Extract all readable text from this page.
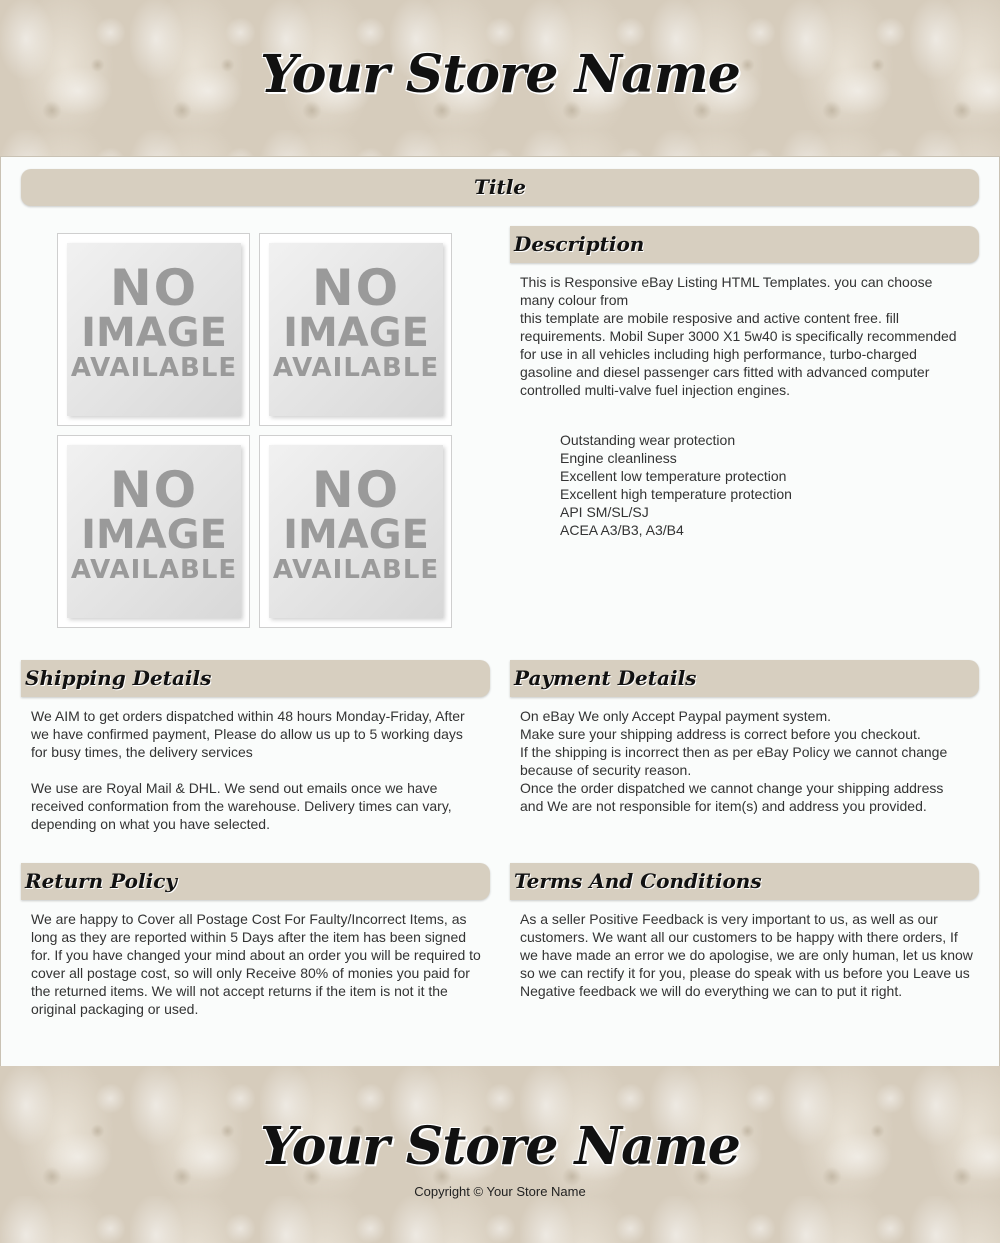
Your Store Name
Title
NO
IMAGE
AVAILABLE
NO
IMAGE
AVAILABLE
NO
IMAGE
AVAILABLE
NO
IMAGE
AVAILABLE
Description

This is Responsive eBay Listing HTML Templates. you can choose many colour from

this template are mobile resposive and active content free. fill requirements. Mobil Super 3000 X1 5w40 is specifically recommended for use in all vehicles including high performance, turbo-charged gasoline and diesel passenger cars fitted with advanced computer controlled multi-valve fuel injection engines.

Outstanding wear protection
Engine cleanliness
Excellent low temperature protection
Excellent high temperature protection
API SM/SL/SJ
ACEA A3/B3, A3/B4
Shipping Details

We AIM to get orders dispatched within 48 hours Monday-Friday, After we have confirmed payment, Please do allow us up to 5 working days for busy times, the delivery services

We use are Royal Mail & DHL. We send out emails once we have received conformation from the warehouse. Delivery times can vary, depending on what you have selected.

Payment Details

On eBay We only Accept Paypal payment system.

Make sure your shipping address is correct before you checkout.

If the shipping is incorrect then as per eBay Policy we cannot change because of security reason.

Once the order dispatched we cannot change your shipping address and We are not responsible for item(s) and address you provided.

Return Policy

We are happy to Cover all Postage Cost For Faulty/Incorrect Items, as long as they are reported within 5 Days after the item has been signed for. If you have changed your mind about an order you will be required to cover all postage cost, so will only Receive 80% of monies you paid for the returned items. We will not accept returns if the item is not it the original packaging or used.

Terms And Conditions

As a seller Positive Feedback is very important to us, as well as our customers. We want all our customers to be happy with there orders, If we have made an error we do apologise, we are only human, let us know so we can rectify it for you, please do speak with us before you Leave us Negative feedback we will do everything we can to put it right.

Your Store Name
Copyright © Your Store Name
